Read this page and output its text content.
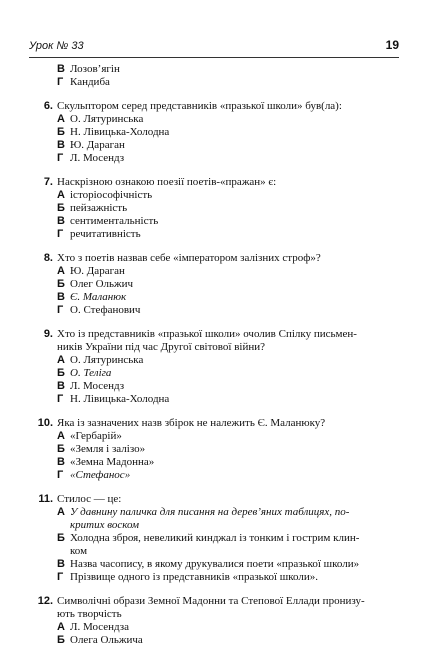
Урок № 33	19
В Лозов’ягін
Г Кандиба
6. Скульптором серед представників «празької школи» був(ла):
А О. Лятуринська
Б Н. Лівицька-Холодна
В Ю. Дараган
Г Л. Мосендз
7. Наскрізною ознакою поезії поетів-«пражан» є:
А історіософічність
Б пейзажність
В сентиментальність
Г речитативність
8. Хто з поетів назвав себе «імператором залізних строф»?
А Ю. Дараган
Б Олег Ольжич
В Є. Маланюк
Г О. Стефанович
9. Хто із представників «празької школи» очолив Спілку письмен-
ників України під час Другої світової війни?
А О. Лятуринська
Б О. Теліга
В Л. Мосендз
Г Н. Лівицька-Холодна
10. Яка із зазначених назв збірок не належить Є. Маланюку?
А «Гербарій»
Б «Земля і залізо»
В «Земна Мадонна»
Г «Стефанос»
11. Стилос — це:
А У давнину паличка для писання на дерев’яних таблицях, по-
критих воском
Б Холодна зброя, невеликий кинджал із тонким і гострим клин-
ком
В Назва часопису, в якому друкувалися поети «празької школи»
Г Прізвище одного із представників «празької школи».
12. Символічні образи Земної Мадонни та Степової Еллади пронизу-
ють творчість
А Л. Мосендза
Б Олега Ольжича
